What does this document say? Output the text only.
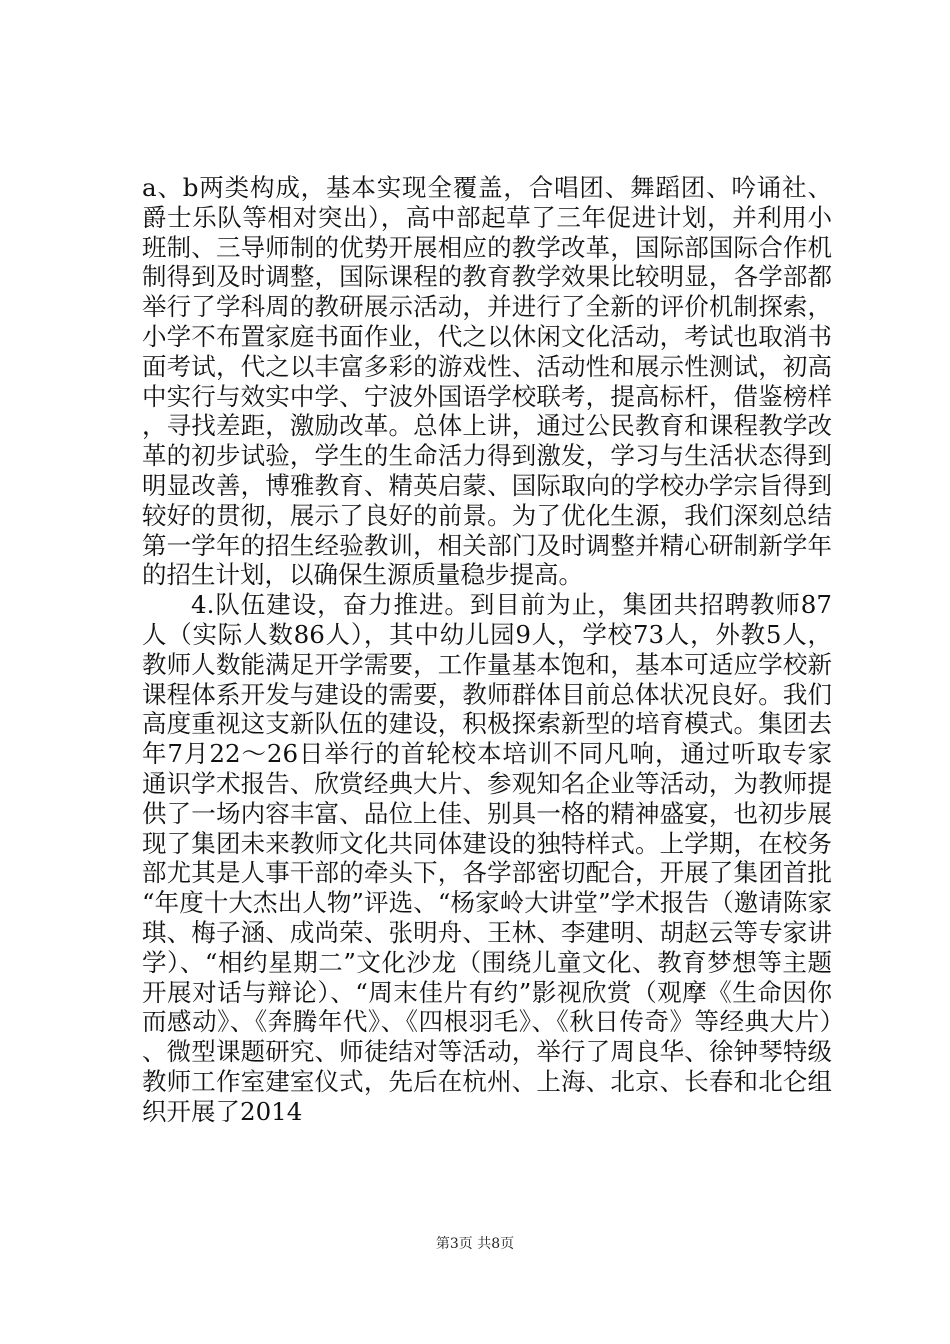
a、b两类构成，基本实现全覆盖，合唱团、舞蹈团、吟诵社、爵士乐队等相对突出），高中部起草了三年促进计划，并利用小班制、三导师制的优势开展相应的教学改革，国际部国际合作机制得到及时调整，国际课程的教育教学效果比较明显，各学部都举行了学科周的教研展示活动，并进行了全新的评价机制探索，小学不布置家庭书面作业，代之以休闲文化活动，考试也取消书面考试，代之以丰富多彩的游戏性、活动性和展示性测试，初高中实行与效实中学、宁波外国语学校联考，提高标杆，借鉴榜样，寻找差距，激励改革。总体上讲，通过公民教育和课程教学改革的初步试验，学生的生命活力得到激发，学习与生活状态得到明显改善，博雅教育、精英启蒙、国际取向的学校办学宗旨得到较好的贯彻，展示了良好的前景。为了优化生源，我们深刻总结第一学年的招生经验教训，相关部门及时调整并精心研制新学年的招生计划，以确保生源质量稳步提高。

4.队伍建设，奋力推进。到目前为止，集团共招聘教师87人（实际人数86人），其中幼儿园9人，学校73人，外教5人，教师人数能满足开学需要，工作量基本饱和，基本可适应学校新课程体系开发与建设的需要，教师群体目前总体状况良好。我们高度重视这支新队伍的建设，积极探索新型的培育模式。集团去年7月22～26日举行的首轮校本培训不同凡响，通过听取专家通识学术报告、欣赏经典大片、参观知名企业等活动，为教师提供了一场内容丰富、品位上佳、别具一格的精神盛宴，也初步展现了集团未来教师文化共同体建设的独特样式。上学期，在校务部尤其是人事干部的牵头下，各学部密切配合，开展了集团首批“年度十大杰出人物”评选、“杨家岭大讲堂”学术报告（邀请陈家琪、梅子涵、成尚荣、张明舟、王林、李建明、胡赵云等专家讲学）、“相约星期二”文化沙龙（围绕儿童文化、教育梦想等主题开展对话与辩论）、“周末佳片有约”影视欣赏（观摩《生命因你而感动》、《奔腾年代》、《四根羽毛》、《秋日传奇》等经典大片）、微型课题研究、师徒结对等活动，举行了周良华、徐钟琴特级教师工作室建室仪式，先后在杭州、上海、北京、长春和北仑组织开展了2014

第3页 共8页
